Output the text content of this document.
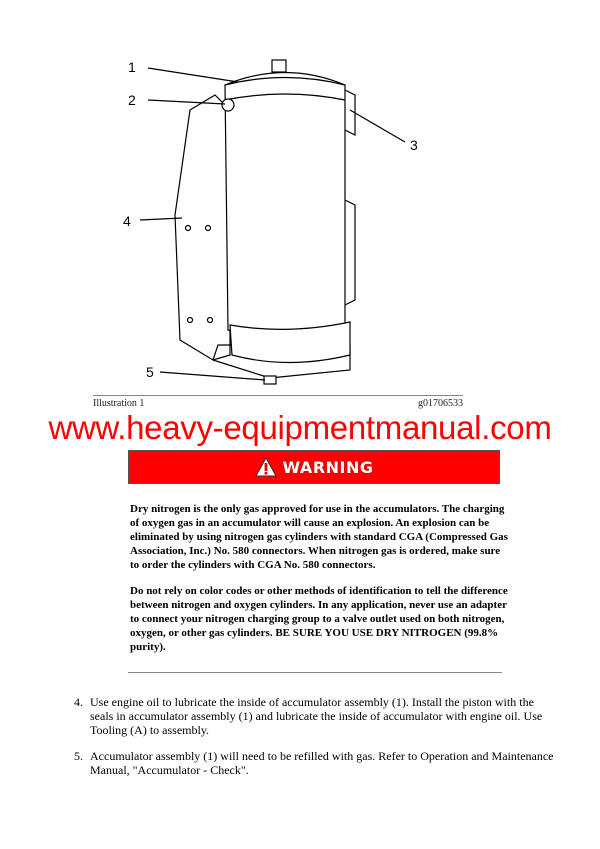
1
2
3
4
5
Illustration 1	g01706533
www.heavy-equipmentmanual.com
WARNING
Dry nitrogen is the only gas approved for use in the accumulators. The charging of oxygen gas in an accumulator will cause an explosion. An explosion can be eliminated by using nitrogen gas cylinders with standard CGA (Compressed Gas Association, Inc.) No. 580 connectors. When nitrogen gas is ordered, make sure to order the cylinders with CGA No. 580 connectors.
Do not rely on color codes or other methods of identification to tell the difference between nitrogen and oxygen cylinders. In any application, never use an adapter to connect your nitrogen charging group to a valve outlet used on both nitrogen, oxygen, or other gas cylinders. BE SURE YOU USE DRY NITROGEN (99.8% purity).
4. Use engine oil to lubricate the inside of accumulator assembly (1). Install the piston with the seals in accumulator assembly (1) and lubricate the inside of accumulator with engine oil. Use Tooling (A) to assembly.
5. Accumulator assembly (1) will need to be refilled with gas. Refer to Operation and Maintenance Manual, "Accumulator - Check".
